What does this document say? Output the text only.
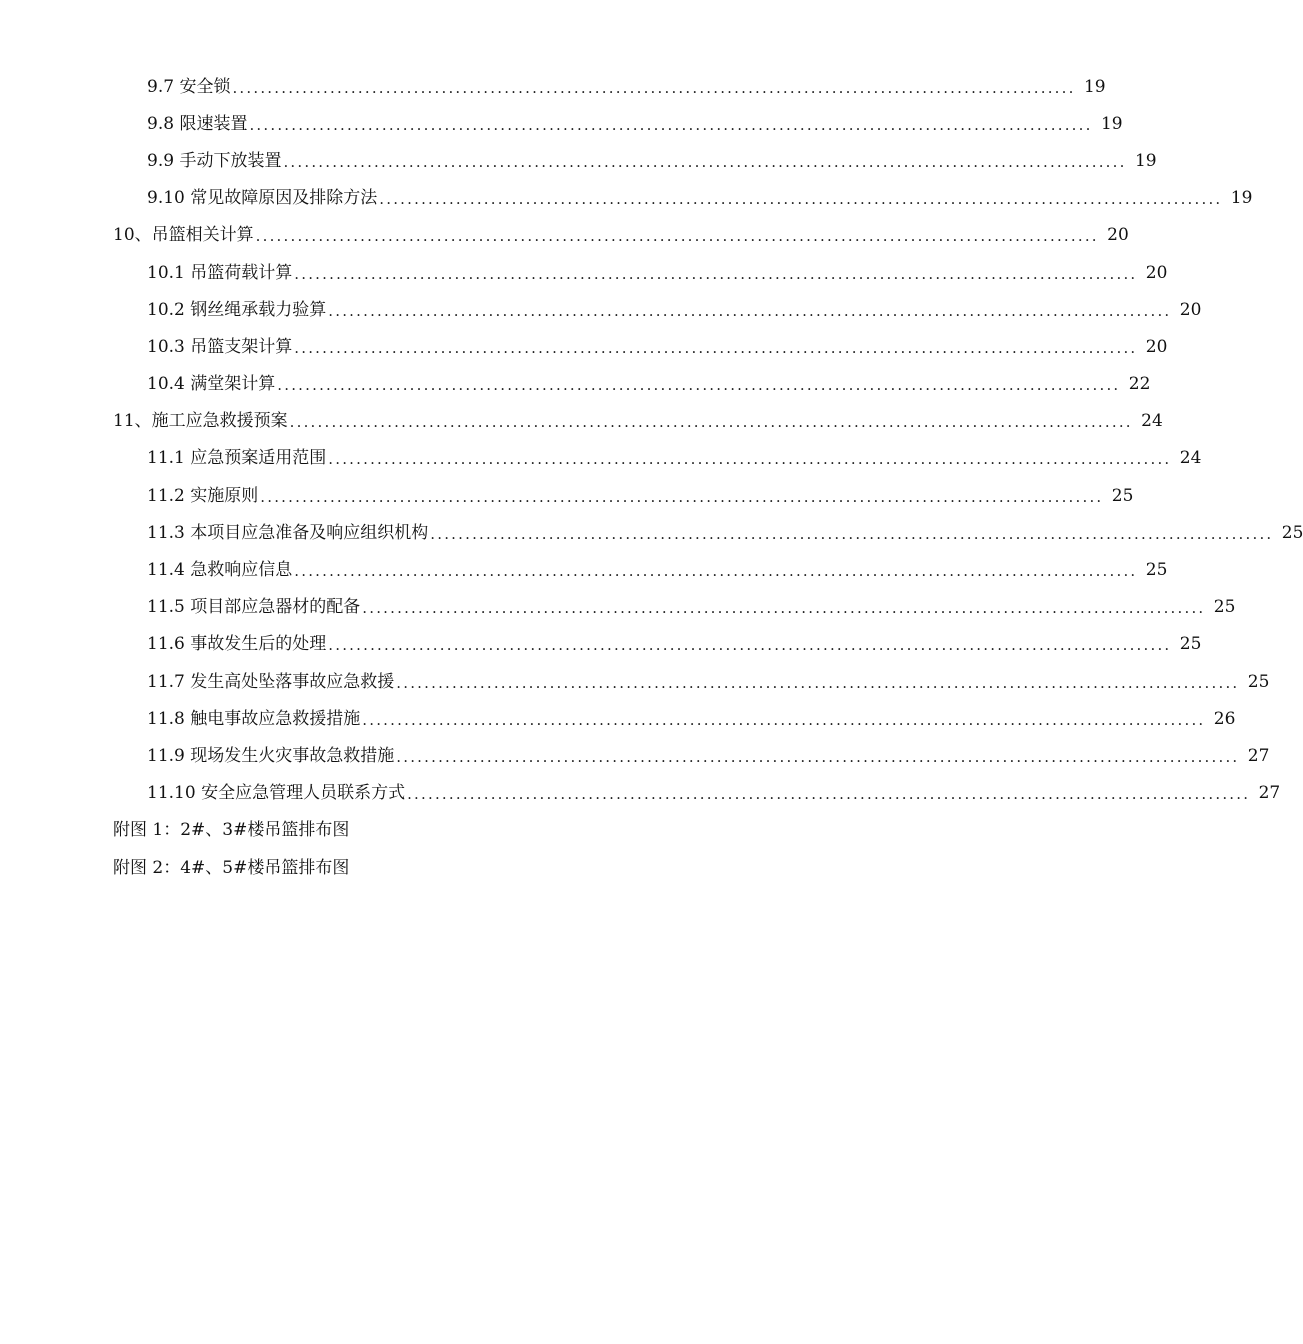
9.7 安全锁 ......................................................................................................................... 19
9.8 限速装置 ......................................................................................................................... 19
9.9 手动下放装置 ......................................................................................................................... 19
9.10 常见故障原因及排除方法 ......................................................................................................................... 19
10、吊篮相关计算 ......................................................................................................................... 20
10.1 吊篮荷载计算 ......................................................................................................................... 20
10.2 钢丝绳承载力验算 ......................................................................................................................... 20
10.3 吊篮支架计算 ......................................................................................................................... 20
10.4 满堂架计算 ......................................................................................................................... 22
11、施工应急救援预案 ......................................................................................................................... 24
11.1 应急预案适用范围 ......................................................................................................................... 24
11.2 实施原则 ......................................................................................................................... 25
11.3 本项目应急准备及响应组织机构 ......................................................................................................................... 25
11.4 急救响应信息 ......................................................................................................................... 25
11.5 项目部应急器材的配备 ......................................................................................................................... 25
11.6 事故发生后的处理 ......................................................................................................................... 25
11.7 发生高处坠落事故应急救援 ......................................................................................................................... 25
11.8 触电事故应急救援措施 ......................................................................................................................... 26
11.9 现场发生火灾事故急救措施 ......................................................................................................................... 27
11.10 安全应急管理人员联系方式 ......................................................................................................................... 27
附图 1：2#、3#楼吊篮排布图
附图 2：4#、5#楼吊篮排布图
